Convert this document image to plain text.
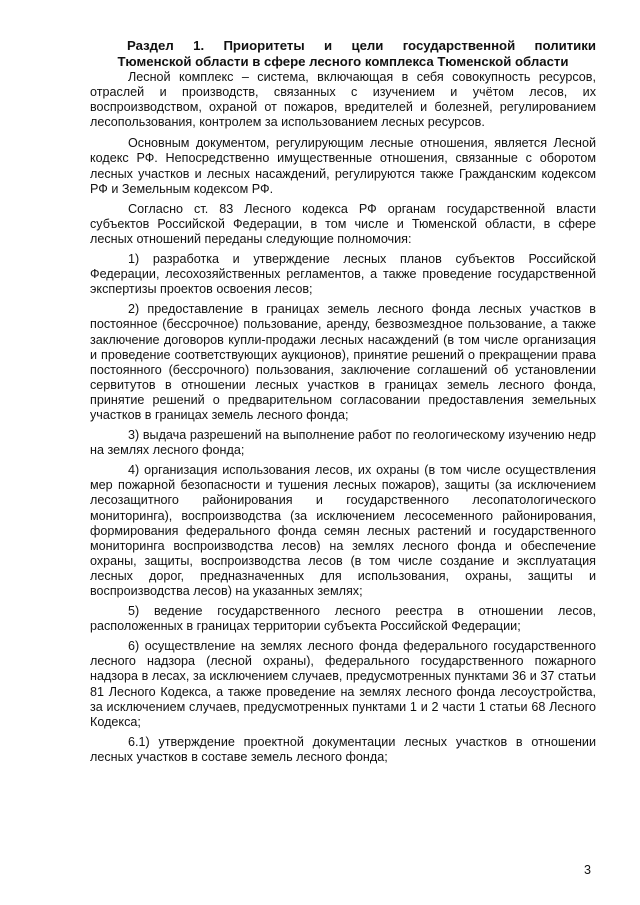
Раздел 1. Приоритеты и цели государственной политики
Тюменской области в сфере лесного комплекса Тюменской области

Лесной комплекс – система, включающая в себя совокупность ресурсов, отраслей и производств, связанных с изучением и учётом лесов, их воспроизводством, охраной от пожаров, вредителей и болезней, регулированием лесопользования, контролем за использованием лесных ресурсов.

Основным документом, регулирующим лесные отношения, является Лесной кодекс РФ. Непосредственно имущественные отношения, связанные с оборотом лесных участков и лесных насаждений, регулируются также Гражданским кодексом РФ и Земельным кодексом РФ.

Согласно ст. 83 Лесного кодекса РФ органам государственной власти субъектов Российской Федерации, в том числе и Тюменской области, в сфере лесных отношений переданы следующие полномочия:

1) разработка и утверждение лесных планов субъектов Российской Федерации, лесохозяйственных регламентов, а также проведение государственной экспертизы проектов освоения лесов;

2) предоставление в границах земель лесного фонда лесных участков в постоянное (бессрочное) пользование, аренду, безвозмездное пользование, а также заключение договоров купли-продажи лесных насаждений (в том числе организация и проведение соответствующих аукционов), принятие решений о прекращении права постоянного (бессрочного) пользования, заключение соглашений об установлении сервитутов в отношении лесных участков в границах земель лесного фонда, принятие решений о предварительном согласовании предоставления земельных участков в границах земель лесного фонда;

3) выдача разрешений на выполнение работ по геологическому изучению недр на землях лесного фонда;

4) организация использования лесов, их охраны (в том числе осуществления мер пожарной безопасности и тушения лесных пожаров), защиты (за исключением лесозащитного районирования и государственного лесопатологического мониторинга), воспроизводства (за исключением лесосеменного районирования, формирования федерального фонда семян лесных растений и государственного мониторинга воспроизводства лесов) на землях лесного фонда и обеспечение охраны, защиты, воспроизводства лесов (в том числе создание и эксплуатация лесных дорог, предназначенных для использования, охраны, защиты и воспроизводства лесов) на указанных землях;

5) ведение государственного лесного реестра в отношении лесов, расположенных в границах территории субъекта Российской Федерации;

6) осуществление на землях лесного фонда федерального государственного лесного надзора (лесной охраны), федерального государственного пожарного надзора в лесах, за исключением случаев, предусмотренных пунктами 36 и 37 статьи 81 Лесного Кодекса, а также проведение на землях лесного фонда лесоустройства, за исключением случаев, предусмотренных пунктами 1 и 2 части 1 статьи 68 Лесного Кодекса;

6.1) утверждение проектной документации лесных участков в отношении лесных участков в составе земель лесного фонда;

3
